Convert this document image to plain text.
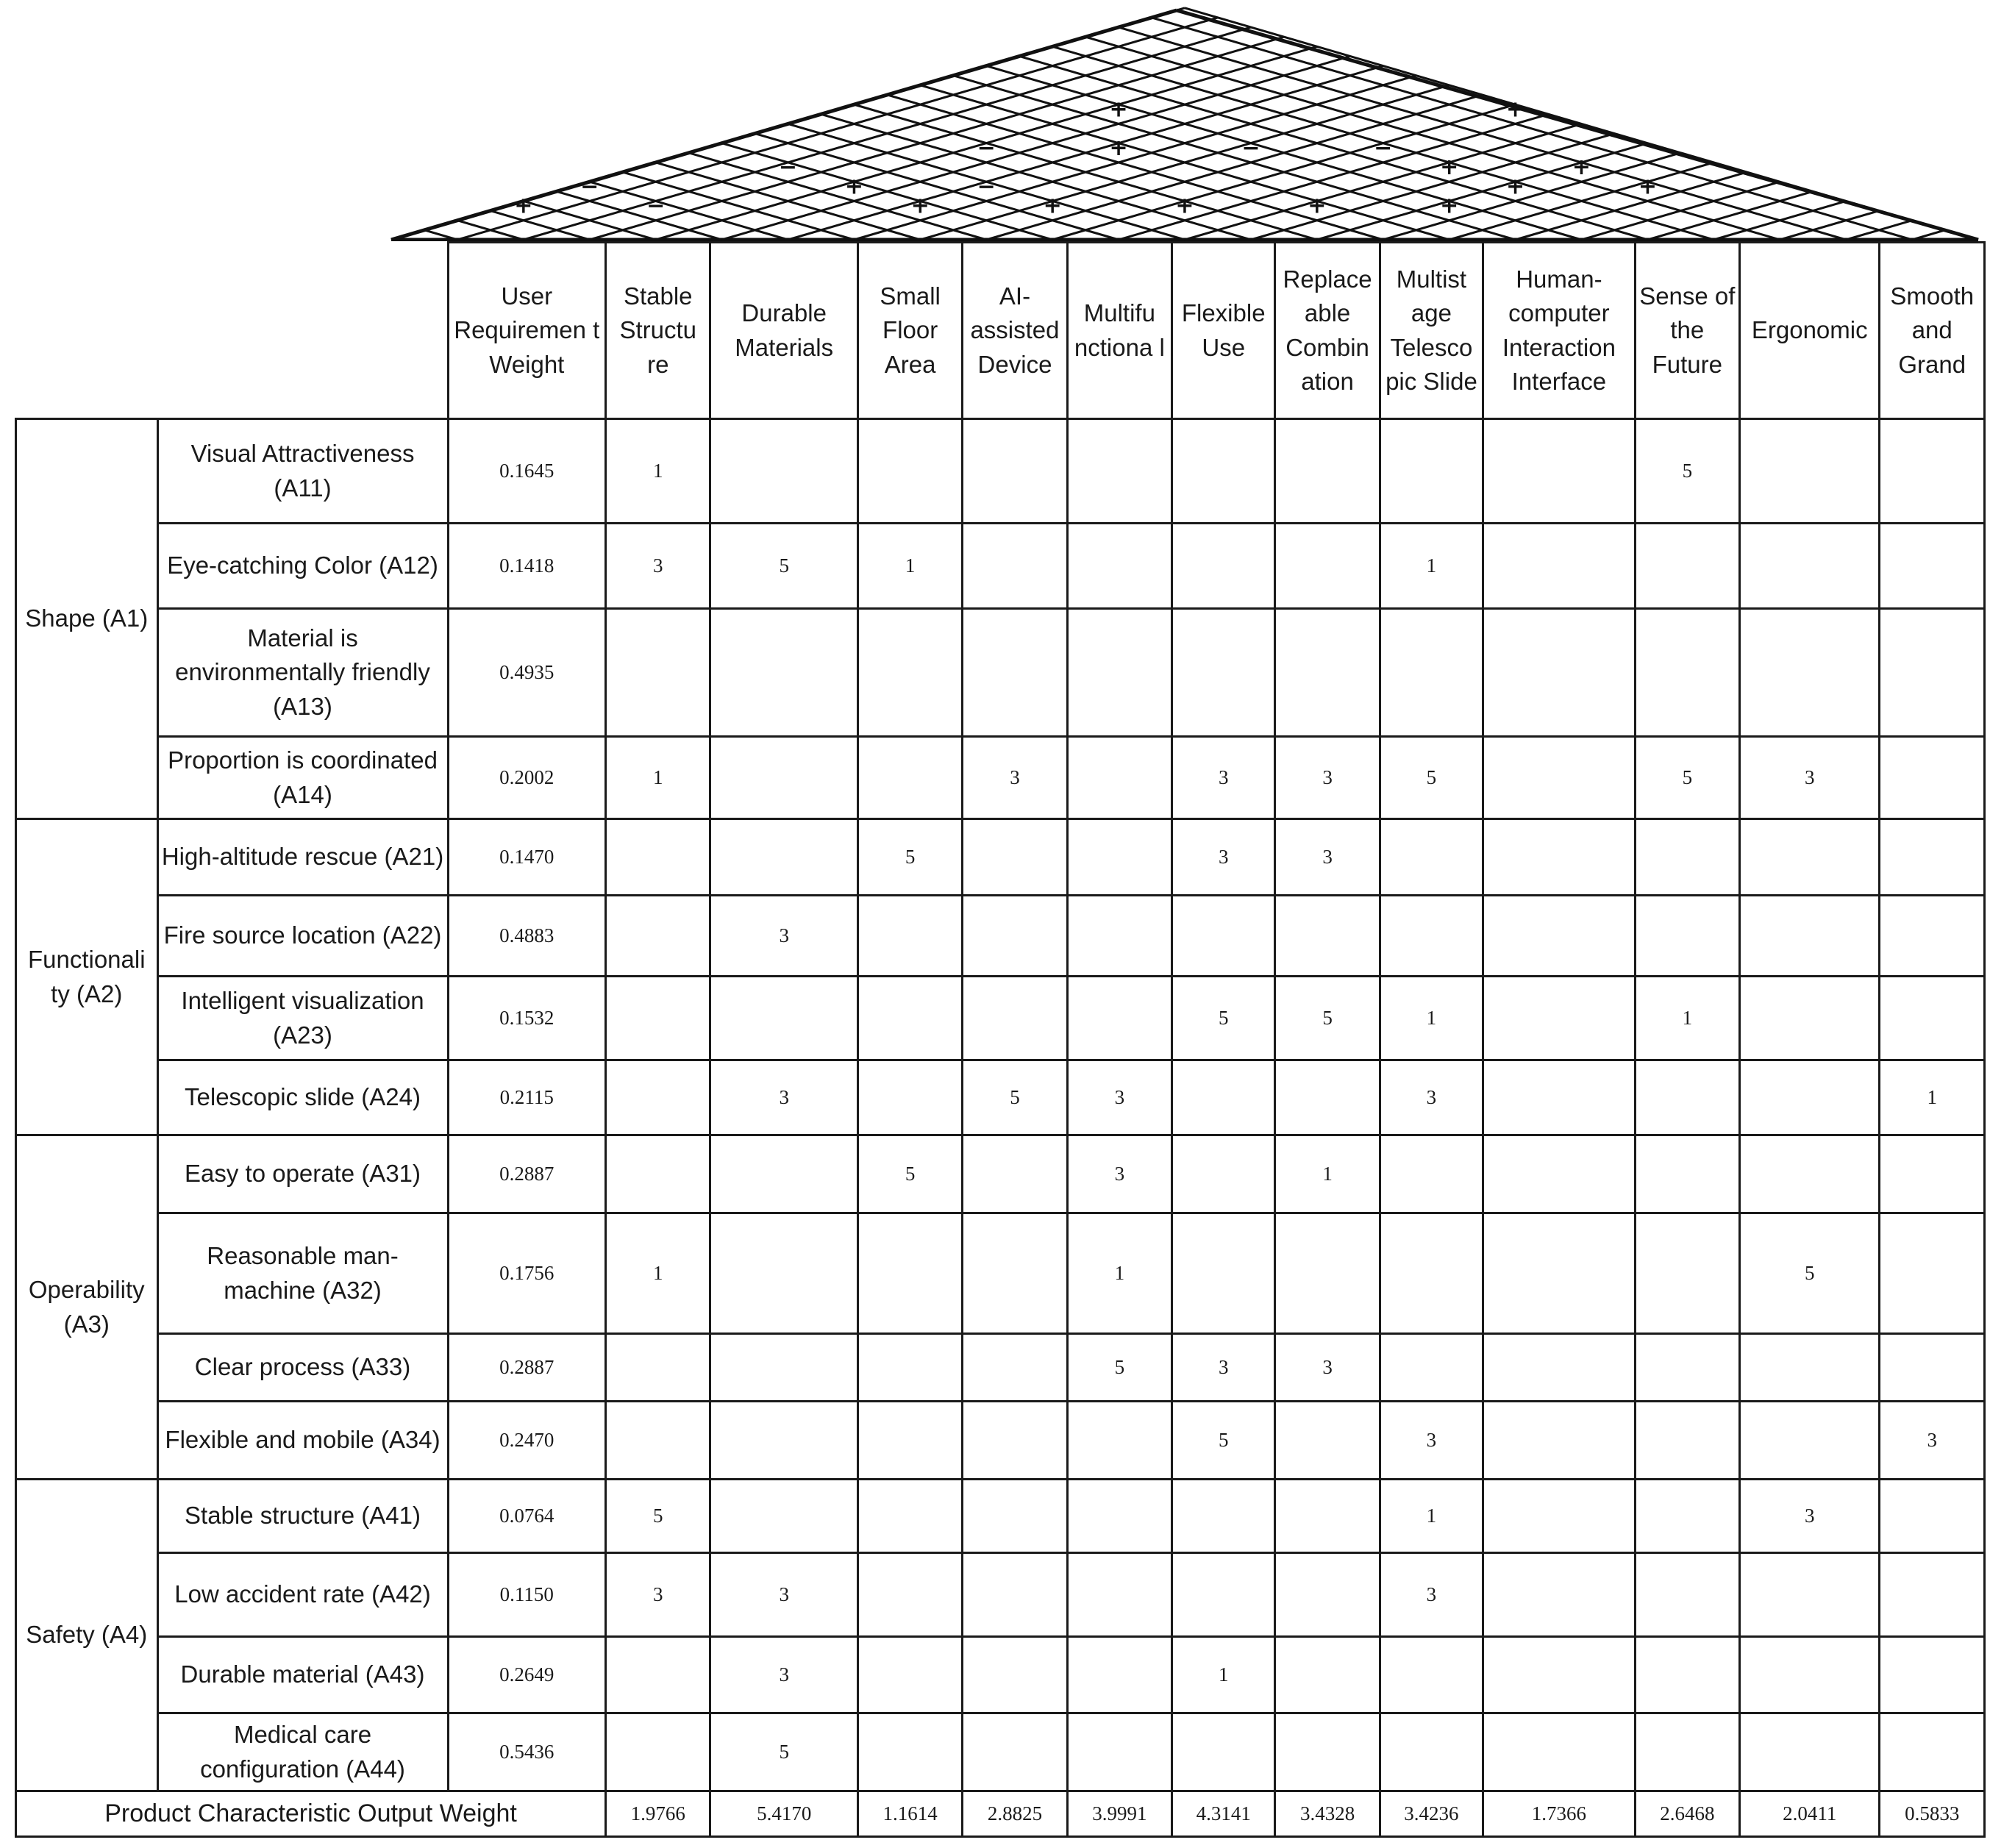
+
−
−
−
+
+
−
−
+
+
+
+
−
+
−
+
+
+
+
+
+
		User Requiremen t Weight	Stable Structu re	Durable Materials	Small Floor Area	AI- assisted Device	Multifu nctiona l	Flexible Use	Replace able Combin ation	Multist age Telesco pic Slide	Human- computer Interaction Interface	Sense of the Future	Ergonomic	Smooth and Grand
Shape (A1)	Visual Attractiveness (A11)	0.1645	1									5		
	Eye-catching Color (A12)	0.1418	3	5	1					1				
	Material is environmentally friendly (A13)	0.4935												
	Proportion is coordinated (A14)	0.2002	1			3		3	3	5		5	3	
Functionali ty (A2)	High-altitude rescue (A21)	0.1470			5			3	3					
	Fire source location (A22)	0.4883		3										
	Intelligent visualization (A23)	0.1532						5	5	1		1		
	Telescopic slide (A24)	0.2115		3		5	3			3				1
Operability (A3)	Easy to operate (A31)	0.2887			5		3		1					
	Reasonable man-machine (A32)	0.1756	1				1						5	
	Clear process (A33)	0.2887					5	3	3					
	Flexible and mobile (A34)	0.2470						5		3				3
Safety (A4)	Stable structure (A41)	0.0764	5							1			3	
	Low accident rate (A42)	0.1150	3	3						3				
	Durable material (A43)	0.2649		3				1						
	Medical care configuration (A44)	0.5436		5										
Product Characteristic Output Weight			1.9766	5.4170	1.1614	2.8825	3.9991	4.3141	3.4328	3.4236	1.7366	2.6468	2.0411	0.5833
